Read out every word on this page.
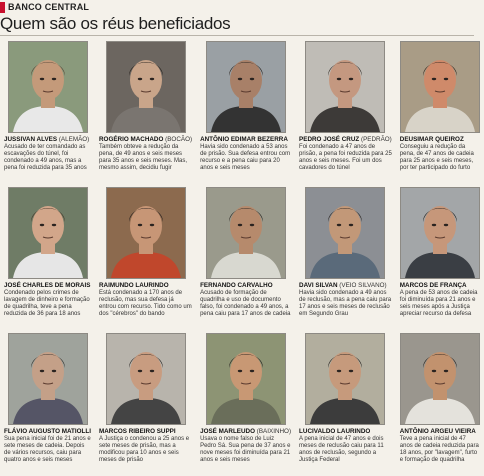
BANCO CENTRAL
Quem são os réus beneficiados
JUSSIVAN ALVES (ALEMÃO)
Acusado de ter comandado as escavações do túnel, foi condenado a 49 anos, mas a pena foi reduzida para 35 anos
ROGÉRIO MACHADO (BOCÃO)
Também obteve a redução da pena, de 49 anos e seis meses para 35 anos e seis meses. Mas, mesmo assim, decidiu fugir
ANTÔNIO EDIMAR BEZERRA
Havia sido condenado a 53 anos de prisão. Sua defesa entrou com recurso e a pena caiu para 20 anos e seis meses
PEDRO JOSÉ CRUZ (PEDRÃO)
Foi condenado a 47 anos de prisão, a pena foi reduzida para 25 anos e seis meses. Foi um dos cavadores do túnel
DEUSIMAR QUEIROZ
Conseguiu a redução da pena, de 47 anos de cadeia para 25 anos e seis meses, por ter participado do furto
JOSÉ CHARLES DE MORAIS
Condenado pelos crimes de lavagem de dinheiro e formação de quadrilha, teve a pena reduzida de 36 para 18 anos
RAIMUNDO LAURINDO
Está condenado a 170 anos de reclusão, mas sua defesa já entrou com recurso. Tido como um dos "cérebros" do bando
FERNANDO CARVALHO
Acusado de formação de quadrilha e uso de documento falso, foi condenado a 49 anos, a pena caiu para 17 anos de cadeia
DAVI SILVAN (VEIO SILVANO)
Havia sido condenado a 49 anos de reclusão, mas a pena caiu para 17 anos e seis meses de reclusão em Segundo Grau
MARCOS DE FRANÇA
A pena de 53 anos de cadeia foi diminuída para 21 anos e seis meses após a Justiça apreciar recurso da defesa
FLÁVIO AUGUSTO MATIOLLI
Sua pena inicial foi de 21 anos e sete meses de cadeia. Depois de vários recursos, caiu para quatro anos e seis meses
MARCOS RIBEIRO SUPPI
A Justiça o condenou a 25 anos e sete meses de prisão, mas a modificou para 10 anos e seis meses de prisão
JOSÉ MARLEUDO (BAIXINHO)
Usava o nome falso de Luiz Pedro Sá. Sua pena de 37 anos e nove meses foi diminuída para 21 anos e seis meses
LUCIVALDO LAURINDO
A pena inicial de 47 anos e dois meses de reclusão caiu para 11 anos de reclusão, segundo a Justiça Federal
ANTÔNIO ARGEU VIEIRA
Teve a pena inicial de 47 anos de cadeia reduzida para 18 anos, por "lavagem", furto e formação de quadrilha
